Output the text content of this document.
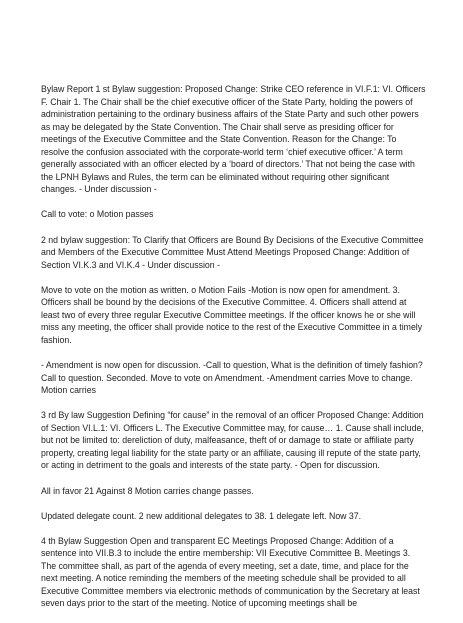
Bylaw Report 1 st Bylaw suggestion: Proposed Change: Strike CEO reference in VI.F.1: VI. Officers F. Chair 1. The Chair shall be the chief executive officer of the State Party, holding the powers of administration pertaining to the ordinary business affairs of the State Party and such other powers as may be delegated by the State Convention. The Chair shall serve as presiding officer for meetings of the Executive Committee and the State Convention. Reason for the Change: To resolve the confusion associated with the corporate-world term ‘chief executive officer.’ A term generally associated with an officer elected by a ‘board of directors.’ That not being the case with the LPNH Bylaws and Rules, the term can be eliminated without requiring other significant changes. - Under discussion -

Call to vote: o Motion passes

2 nd bylaw suggestion: To Clarify that Officers are Bound By Decisions of the Executive Committee and Members of the Executive Committee Must Attend Meetings Proposed Change: Addition of Section VI.K.3 and VI.K.4 - Under discussion -

Move to vote on the motion as written. o Motion Fails -Motion is now open for amendment. 3. Officers shall be bound by the decisions of the Executive Committee. 4. Officers shall attend at least two of every three regular Executive Committee meetings. If the officer knows he or she will miss any meeting, the officer shall provide notice to the rest of the Executive Committee in a timely fashion.

- Amendment is now open for discussion. -Call to question, What is the definition of timely fashion? Call to question. Seconded. Move to vote on Amendment. -Amendment carries Move to change. Motion carries

3 rd By law Suggestion Defining “for cause” in the removal of an officer Proposed Change: Addition of Section VI.L.1: VI. Officers L. The Executive Committee may, for cause… 1. Cause shall include, but not be limited to: dereliction of duty, malfeasance, theft of or damage to state or affiliate party property, creating legal liability for the state party or an affiliate, causing ill repute of the state party, or acting in detriment to the goals and interests of the state party. - Open for discussion.

All in favor 21 Against 8 Motion carries change passes.

Updated delegate count. 2 new additional delegates to 38. 1 delegate left. Now 37.

4 th Bylaw Suggestion Open and transparent EC Meetings Proposed Change: Addition of a sentence into VII.B.3 to include the entire membership: VII Executive Committee B. Meetings 3. The committee shall, as part of the agenda of every meeting, set a date, time, and place for the next meeting. A notice reminding the members of the meeting schedule shall be provided to all Executive Committee members via electronic methods of communication by the Secretary at least seven days prior to the start of the meeting. Notice of upcoming meetings shall be
